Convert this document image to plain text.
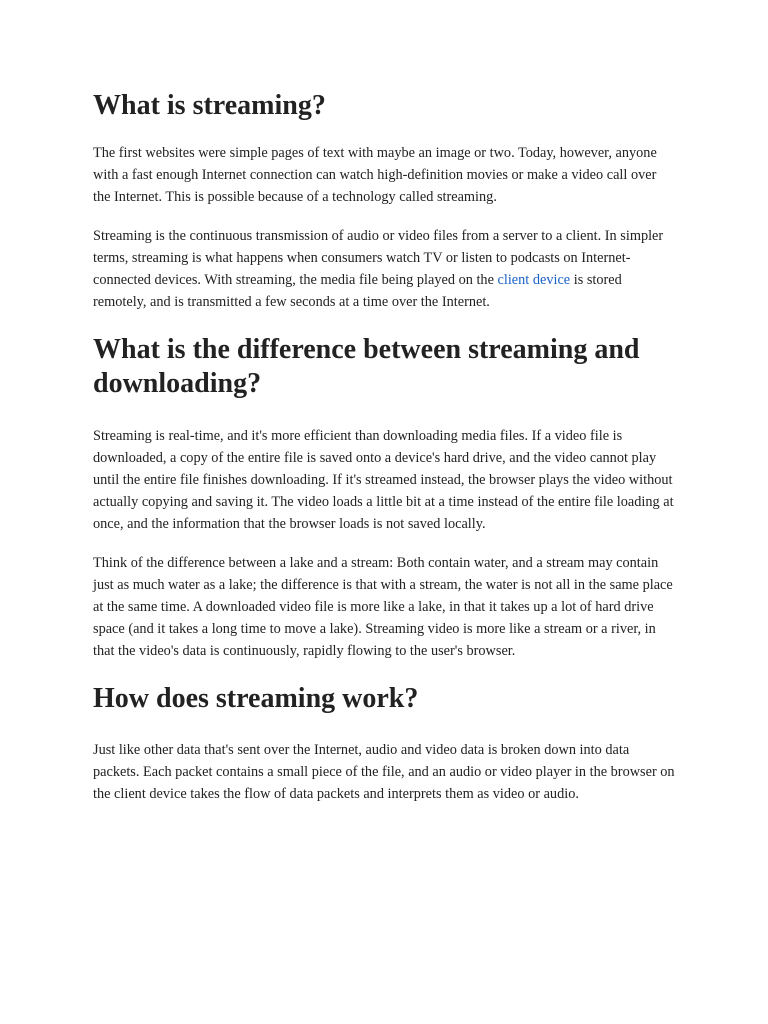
What is streaming?

The first websites were simple pages of text with maybe an image or two. Today, however, anyone with a fast enough Internet connection can watch high-definition movies or make a video call over the Internet. This is possible because of a technology called streaming.

Streaming is the continuous transmission of audio or video files from a server to a client. In simpler terms, streaming is what happens when consumers watch TV or listen to podcasts on Internet-connected devices. With streaming, the media file being played on the client device is stored remotely, and is transmitted a few seconds at a time over the Internet.

What is the difference between streaming and downloading?

Streaming is real-time, and it's more efficient than downloading media files. If a video file is downloaded, a copy of the entire file is saved onto a device's hard drive, and the video cannot play until the entire file finishes downloading. If it's streamed instead, the browser plays the video without actually copying and saving it. The video loads a little bit at a time instead of the entire file loading at once, and the information that the browser loads is not saved locally.

Think of the difference between a lake and a stream: Both contain water, and a stream may contain just as much water as a lake; the difference is that with a stream, the water is not all in the same place at the same time. A downloaded video file is more like a lake, in that it takes up a lot of hard drive space (and it takes a long time to move a lake). Streaming video is more like a stream or a river, in that the video's data is continuously, rapidly flowing to the user's browser.

How does streaming work?

Just like other data that's sent over the Internet, audio and video data is broken down into data packets. Each packet contains a small piece of the file, and an audio or video player in the browser on the client device takes the flow of data packets and interprets them as video or audio.
